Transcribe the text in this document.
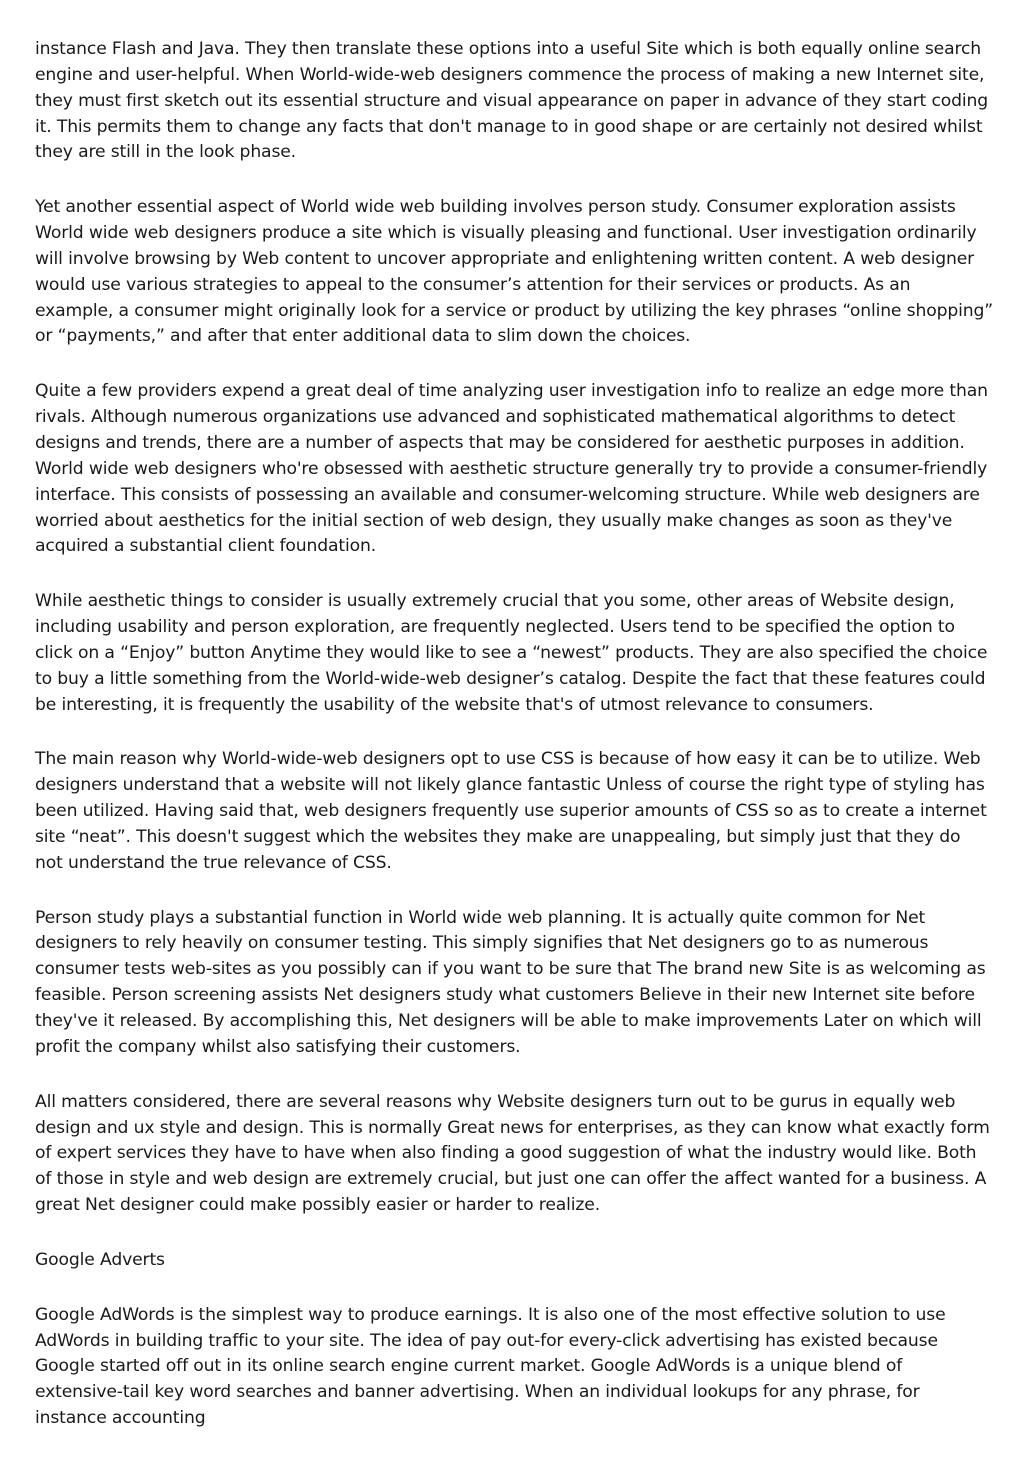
instance Flash and Java. They then translate these options into a useful Site which is both equally online search engine and user-helpful. When World-wide-web designers commence the process of making a new Internet site, they must first sketch out its essential structure and visual appearance on paper in advance of they start coding it. This permits them to change any facts that don't manage to in good shape or are certainly not desired whilst they are still in the look phase.

Yet another essential aspect of World wide web building involves person study. Consumer exploration assists World wide web designers produce a site which is visually pleasing and functional. User investigation ordinarily will involve browsing by Web content to uncover appropriate and enlightening written content. A web designer would use various strategies to appeal to the consumer’s attention for their services or products. As an example, a consumer might originally look for a service or product by utilizing the key phrases “online shopping” or “payments,” and after that enter additional data to slim down the choices.

Quite a few providers expend a great deal of time analyzing user investigation info to realize an edge more than rivals. Although numerous organizations use advanced and sophisticated mathematical algorithms to detect designs and trends, there are a number of aspects that may be considered for aesthetic purposes in addition. World wide web designers who're obsessed with aesthetic structure generally try to provide a consumer-friendly interface. This consists of possessing an available and consumer-welcoming structure. While web designers are worried about aesthetics for the initial section of web design, they usually make changes as soon as they've acquired a substantial client foundation.

While aesthetic things to consider is usually extremely crucial that you some, other areas of Website design, including usability and person exploration, are frequently neglected. Users tend to be specified the option to click on a “Enjoy” button Anytime they would like to see a “newest” products. They are also specified the choice to buy a little something from the World-wide-web designer’s catalog. Despite the fact that these features could be interesting, it is frequently the usability of the website that's of utmost relevance to consumers.

The main reason why World-wide-web designers opt to use CSS is because of how easy it can be to utilize. Web designers understand that a website will not likely glance fantastic Unless of course the right type of styling has been utilized. Having said that, web designers frequently use superior amounts of CSS so as to create a internet site “neat”. This doesn't suggest which the websites they make are unappealing, but simply just that they do not understand the true relevance of CSS.

Person study plays a substantial function in World wide web planning. It is actually quite common for Net designers to rely heavily on consumer testing. This simply signifies that Net designers go to as numerous consumer tests web-sites as you possibly can if you want to be sure that The brand new Site is as welcoming as feasible. Person screening assists Net designers study what customers Believe in their new Internet site before they've it released. By accomplishing this, Net designers will be able to make improvements Later on which will profit the company whilst also satisfying their customers.

All matters considered, there are several reasons why Website designers turn out to be gurus in equally web design and ux style and design. This is normally Great news for enterprises, as they can know what exactly form of expert services they have to have when also finding a good suggestion of what the industry would like. Both of those in style and web design are extremely crucial, but just one can offer the affect wanted for a business. A great Net designer could make possibly easier or harder to realize.

Google Adverts

Google AdWords is the simplest way to produce earnings. It is also one of the most effective solution to use AdWords in building traffic to your site. The idea of pay out-for every-click advertising has existed because Google started off out in its online search engine current market. Google AdWords is a unique blend of extensive-tail key word searches and banner advertising. When an individual lookups for any phrase, for instance accounting
